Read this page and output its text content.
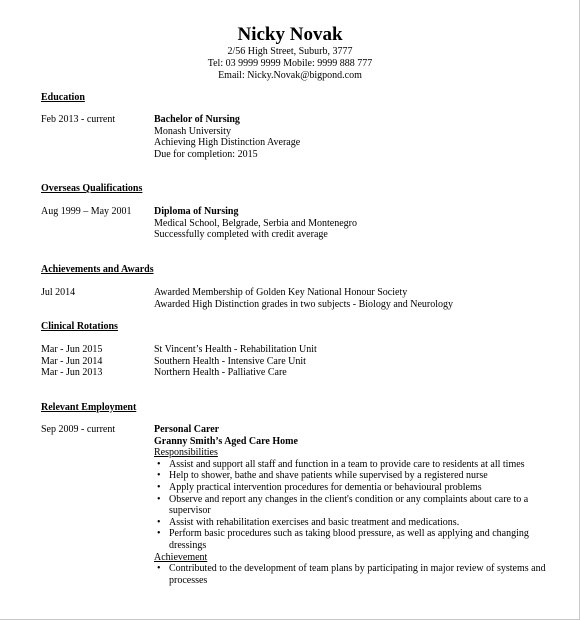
Nicky Novak
2/56 High Street, Suburb, 3777
Tel: 03 9999 9999 Mobile: 9999 888 777
Email: Nicky.Novak@bigpond.com
Education
Feb 2013 - current	Bachelor of Nursing
Monash University
Achieving High Distinction Average
Due for completion: 2015
Overseas Qualifications
Aug 1999 – May 2001	Diploma of Nursing
Medical School, Belgrade, Serbia and Montenegro
Successfully completed with credit average
Achievements and Awards
Jul 2014	Awarded Membership of Golden Key National Honour Society
Awarded High Distinction grades in two subjects - Biology and Neurology
Clinical Rotations
Mar - Jun 2015	St Vincent’s Health - Rehabilitation Unit
Mar - Jun 2014	Southern Health - Intensive Care Unit
Mar - Jun 2013	Northern Health - Palliative Care
Relevant Employment
Sep 2009 - current	Personal Carer
Granny Smith’s Aged Care Home
Responsibilities
• Assist and support all staff and function in a team to provide care to residents at all times
• Help to shower, bathe and shave patients while supervised by a registered nurse
• Apply practical intervention procedures for dementia or behavioural problems
• Observe and report any changes in the client's condition or any complaints about care to a supervisor
• Assist with rehabilitation exercises and basic treatment and medications.
• Perform basic procedures such as taking blood pressure, as well as applying and changing dressings
Achievement
• Contributed to the development of team plans by participating in major review of systems and processes
